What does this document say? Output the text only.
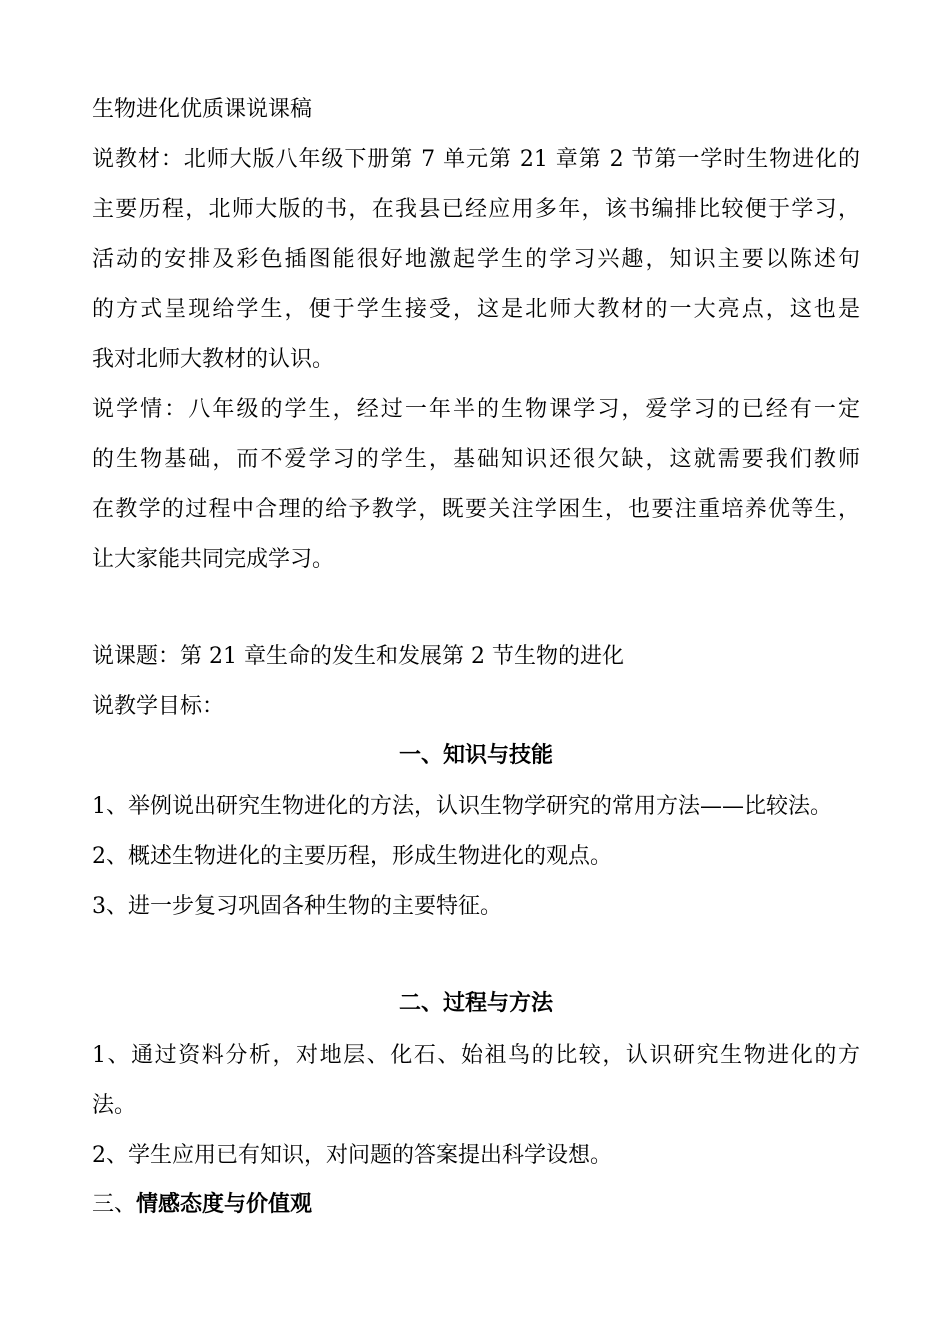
生物进化优质课说课稿
说教材：北师大版八年级下册第 7 单元第 21 章第 2 节第一学时生物进化的
主要历程，北师大版的书，在我县已经应用多年，该书编排比较便于学习，
活动的安排及彩色插图能很好地激起学生的学习兴趣，知识主要以陈述句
的方式呈现给学生，便于学生接受，这是北师大教材的一大亮点，这也是
我对北师大教材的认识。
说学情：八年级的学生，经过一年半的生物课学习，爱学习的已经有一定
的生物基础，而不爱学习的学生，基础知识还很欠缺，这就需要我们教师
在教学的过程中合理的给予教学，既要关注学困生，也要注重培养优等生，
让大家能共同完成学习。
说课题：第 21 章生命的发生和发展第 2 节生物的进化
说教学目标：
一、知识与技能
1、举例说出研究生物进化的方法，认识生物学研究的常用方法——比较法。
2、概述生物进化的主要历程，形成生物进化的观点。
3、进一步复习巩固各种生物的主要特征。
二、过程与方法
1、通过资料分析，对地层、化石、始祖鸟的比较，认识研究生物进化的方
法。
2、学生应用已有知识，对问题的答案提出科学设想。
三、情感态度与价值观
